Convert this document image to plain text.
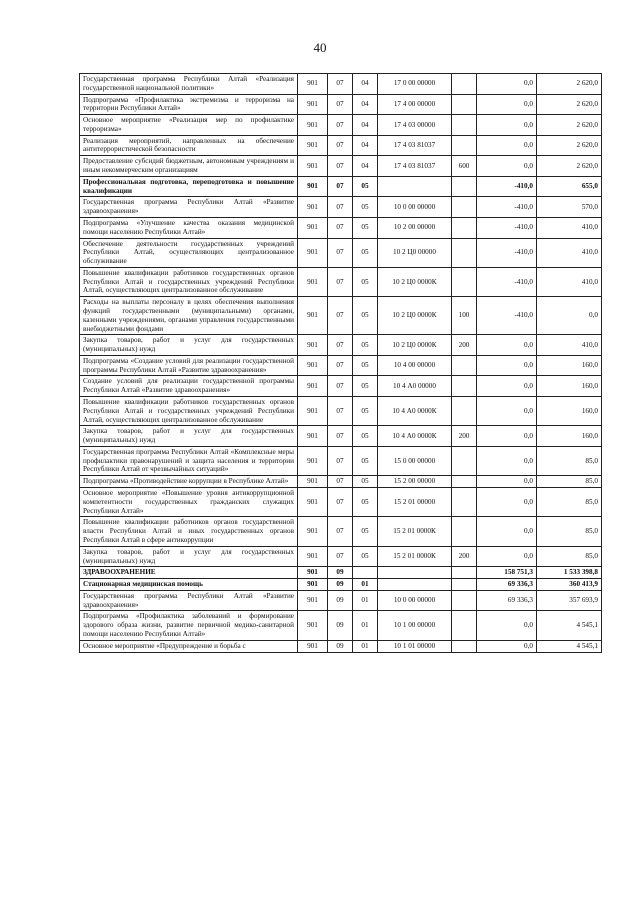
40
Государственная программа Республики Алтай «Реализация государственной национальной политики»	901	07	04	17 0 00 00000		0,0	2 620,0
Подпрограмма «Профилактика экстремизма и терроризма на территории Республики Алтай»	901	07	04	17 4 00 00000		0,0	2 620,0
Основное мероприятие «Реализация мер по профилактике терроризма»	901	07	04	17 4 03 00000		0,0	2 620,0
Реализация мероприятий, направленных на обеспечение антитеррористической безопасности	901	07	04	17 4 03 81037		0,0	2 620,0
Предоставление субсидий бюджетным, автономным учреждениям и иным некоммерческим организациям	901	07	04	17 4 03 81037	600	0,0	2 620,0
Профессиональная подготовка, переподготовка и повышение квалификации	901	07	05			-410,0	655,0
Государственная программа Республики Алтай «Развитие здравоохранения»	901	07	05	10 0 00 00000		-410,0	570,0
Подпрограмма «Улучшение качества оказания медицинской помощи населению Республики Алтай»	901	07	05	10 2 00 00000		-410,0	410,0
Обеспечение деятельности государственных учреждений Республики Алтай, осуществляющих централизованное обслуживание	901	07	05	10 2 Ц0 00000		-410,0	410,0
Повышение квалификации работников государственных органов Республики Алтай и государственных учреждений Республики Алтай, осуществляющих централизованное обслуживание	901	07	05	10 2 Ц0 0000К		-410,0	410,0
Расходы на выплаты персоналу в целях обеспечения выполнения функций государственными (муниципальными) органами, казенными учреждениями, органами управления государственными внебюджетными фондами	901	07	05	10 2 Ц0 0000К	100	-410,0	0,0
Закупка товаров, работ и услуг для государственных (муниципальных) нужд	901	07	05	10 2 Ц0 0000К	200	0,0	410,0
Подпрограмма «Создание условий для реализации государственной программы Республики Алтай «Развитие здравоохранения»	901	07	05	10 4 00 00000		0,0	160,0
Создание условий для реализации государственной программы Республики Алтай «Развитие здравоохранения»	901	07	05	10 4 А0 00000		0,0	160,0
Повышение квалификации работников государственных органов Республики Алтай и государственных учреждений Республики Алтай, осуществляющих централизованное обслуживание	901	07	05	10 4 А0 0000К		0,0	160,0
Закупка товаров, работ и услуг для государственных (муниципальных) нужд	901	07	05	10 4 А0 0000К	200	0,0	160,0
Государственная программа Республики Алтай «Комплексные меры профилактики правонарушений и защита населения и территории Республики Алтай от чрезвычайных ситуаций»	901	07	05	15 0 00 00000		0,0	85,0
Подпрограмма «Противодействие коррупции в Республике Алтай»	901	07	05	15 2 00 00000		0,0	85,0
Основное мероприятие «Повышение уровня антикоррупционной компетентности государственных гражданских служащих Республики Алтай»	901	07	05	15 2 01 00000		0,0	85,0
Повышение квалификации работников органов государственной власти Республики Алтай и иных государственных органов Республики Алтай в сфере антикоррупции	901	07	05	15 2 01 0000К		0,0	85,0
Закупка товаров, работ и услуг для государственных (муниципальных) нужд	901	07	05	15 2 01 0000К	200	0,0	85,0
ЗДРАВООХРАНЕНИЕ	901	09				158 751,3	1 533 398,8
Стационарная медицинская помощь	901	09	01			69 336,3	360 413,9
Государственная программа Республики Алтай «Развитие здравоохранения»	901	09	01	10 0 00 00000		69 336,3	357 693,9
Подпрограмма «Профилактика заболеваний и формирование здорового образа жизни, развитие первичной медико-санитарной помощи населению Республики Алтай»	901	09	01	10 1 00 00000		0,0	4 545,1
Основное мероприятие «Предупреждение и борьба с	901	09	01	10 1 01 00000		0,0	4 545,1
